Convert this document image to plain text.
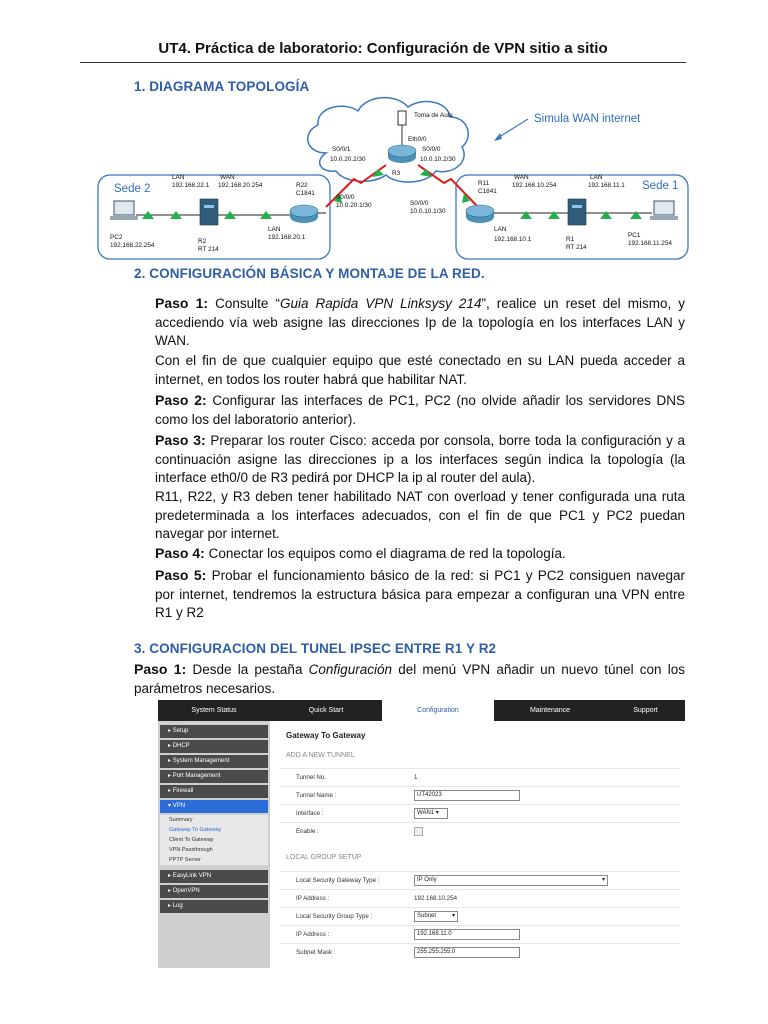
UT4. Práctica de laboratorio: Configuración de VPN sitio a sitio
1. DIAGRAMA TOPOLOGÍA
Toma de Aula
Eth0/0
R3
S0/0/1
10.0.20.2/30
S0/0/0
10.0.10.2/30
LAN
192.168.22.1
WAN
192.168.20.254	R22
C1841
S0/0/0
10.0.20.1/30
LAN
192.168.20.1
PC2
192.168.22.254
R2
RT 214
S0/0/0
10.0.10.1/30
R11
C1841
WAN
192.168.10.254
LAN
192.168.11.1
LAN
192.168.10.1	R1
RT 214
PC1
192.168.11.254
Sede 2	Sede 1
Simula WAN internet
2. CONFIGURACIÓN BÁSICA Y MONTAJE DE LA RED.
Paso 1: Consulte “Guia Rapida VPN Linksysy 214”, realice un reset del mismo, y accediendo vía web asigne las direcciones Ip de la topología en los interfaces LAN y WAN.
Con el fin de que cualquier equipo que esté conectado en su LAN pueda acceder a internet, en todos los router habrá que habilitar NAT.
Paso 2: Configurar las interfaces de PC1, PC2 (no olvide añadir los servidores DNS como los del laboratorio anterior).
Paso 3: Preparar los router Cisco: acceda por consola, borre toda la configuración y a continuación asigne las direcciones ip a los interfaces según indica la topología (la interface eth0/0 de R3 pedirá por DHCP la ip al router del aula).
R11, R22, y R3 deben tener habilitado NAT con overload y tener configurada una ruta predeterminada a los interfaces adecuados, con el fin de que PC1 y PC2 puedan navegar por internet.
Paso 4: Conectar los equipos como el diagrama de red la topología.
Paso 5: Probar el funcionamiento básico de la red: si PC1 y PC2 consiguen navegar por internet, tendremos la estructura básica para empezar a configuran una VPN entre R1 y R2
3. CONFIGURACION DEL TUNEL IPSEC ENTRE R1 Y R2
Paso 1: Desde la pestaña Configuración del menú VPN añadir un nuevo túnel con los parámetros necesarios.
System Status	Quick Start	Configuration	Maintenance	Support
▸ Setup
▸ DHCP
▸ System Management
▸ Port Management
▸ Firewall
▾ VPN
Summary
Gateway To Gateway
Client To Gateway
VPN Passthrough
PPTP Server
▸ EasyLink VPN
▸ OpenVPN
▸ Log
Gateway To Gateway
ADD A NEW TUNNEL
Tunnel No.	1
Tunnel Name :	UT42023
Interface :	WAN1 ▾
Enable :
LOCAL GROUP SETUP
Local Security Gateway Type :	IP Only	▾
IP Address :	192.168.10.254
Local Security Group Type :	Subnet	▾
IP Address :	192.168.11.0
Subnet Mask :	255.255.255.0
